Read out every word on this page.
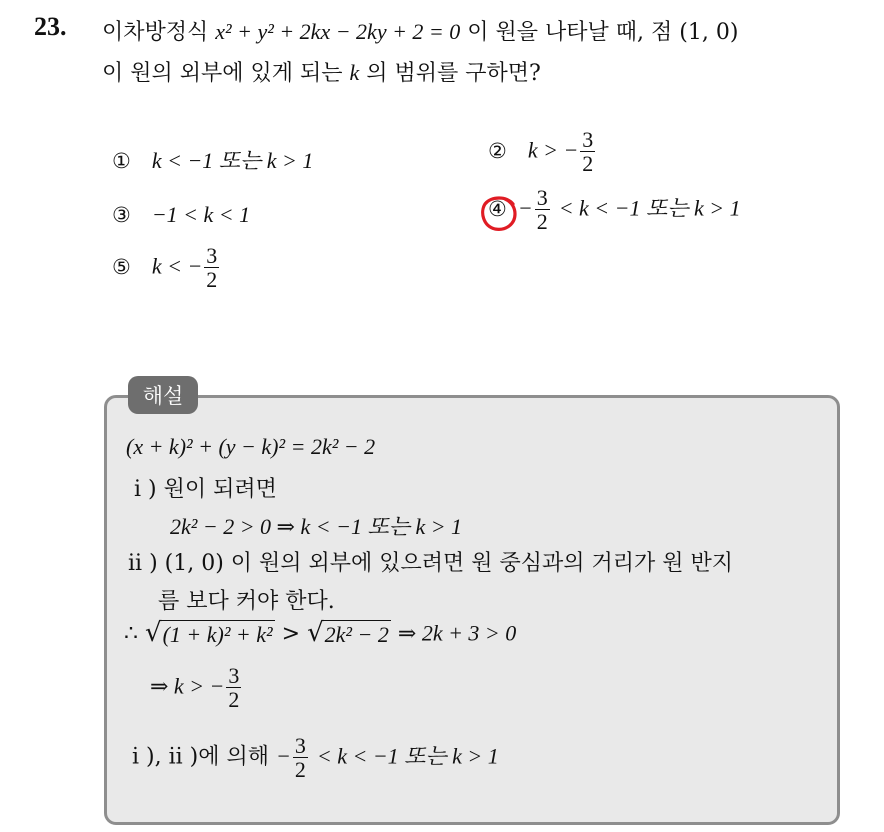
23. 이차방정식 x² + y² + 2kx − 2ky + 2 = 0 이 원을 나타날 때, 점 (1, 0)
이 원의 외부에 있게 되는 k 의 범위를 구하면?
① k < −1 또는 k > 1	② k > − $\frac{3}{2}$
③ −1 < k < 1	④ − $\frac{3}{2} < k < -1$ 또는 k > 1
⑤ k < − $\frac{3}{2}$
해설
(x + k)² + (y − k)² = 2k² − 2
i ) 원이 되려면
2k² − 2 > 0 ⇒ k < −1 또는 k > 1
ii ) (1, 0) 이 원의 외부에 있으려면 원 중심과의 거리가 원 반지
름 보다 커야 한다.
∴ √ (1 + k)² + k² > √ 2k² − 2 ⇒ 2k + 3 > 0
⇒ k > − $\frac{3}{2}$
i ), ii )에 의해 − $\frac{3}{2} < k < -1$ 또는 k > 1
